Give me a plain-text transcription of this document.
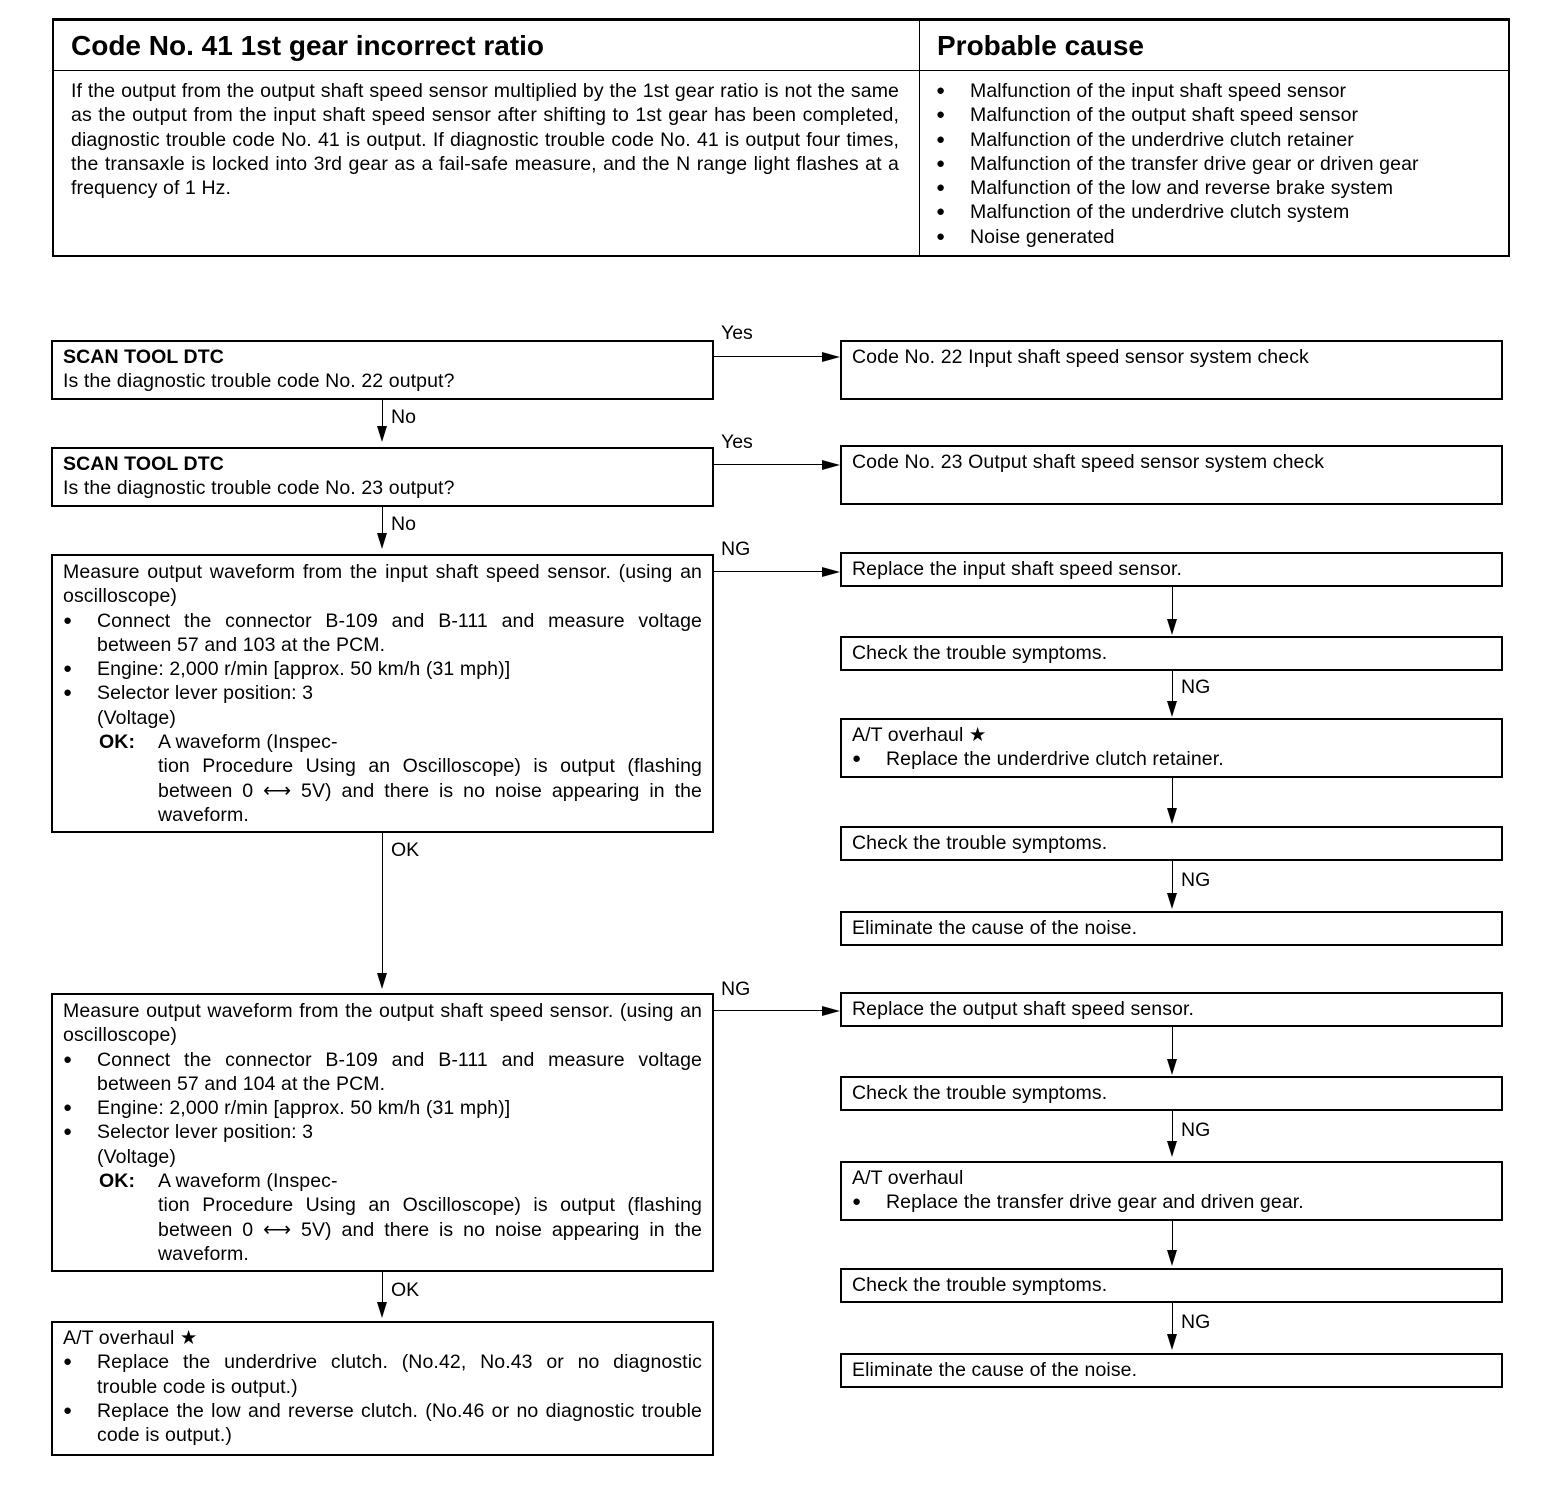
Code No. 41 1st gear incorrect ratio	Probable cause
If the output from the output shaft speed sensor multiplied by the 1st gear ratio is not the same as the output from the input shaft speed sensor after shifting to 1st gear has been completed, diagnostic trouble code No. 41 is output. If diagnostic trouble code No. 41 is output four times, the transaxle is locked into 3rd gear as a fail-safe measure, and the N range light flashes at a frequency of 1 Hz.
● Malfunction of the input shaft speed sensor
● Malfunction of the output shaft speed sensor
● Malfunction of the underdrive clutch retainer
● Malfunction of the transfer drive gear or driven gear
● Malfunction of the low and reverse brake system
● Malfunction of the underdrive clutch system
● Noise generated
SCAN TOOL DTC
Is the diagnostic trouble code No. 22 output?
Yes
Code No. 22 Input shaft speed sensor system check
No
SCAN TOOL DTC
Is the diagnostic trouble code No. 23 output?
Yes
Code No. 23 Output shaft speed sensor system check
No
Measure output waveform from the input shaft speed sensor. (using an oscilloscope)
● Connect the connector B-109 and B-111 and measure voltage between 57 and 103 at the PCM.
● Engine: 2,000 r/min [approx. 50 km/h (31 mph)]
● Selector lever position: 3
(Voltage)
OK: A waveform (Inspec-
tion Procedure Using an Oscilloscope) is output (flashing between 0 ⟷ 5V) and there is no noise appearing in the waveform.
NG
OK
Replace the input shaft speed sensor.
Check the trouble symptoms.
NG
A/T overhaul ★
● Replace the underdrive clutch retainer.
Check the trouble symptoms.
NG
Eliminate the cause of the noise.
Measure output waveform from the output shaft speed sensor. (using an oscilloscope)
● Connect the connector B-109 and B-111 and measure voltage between 57 and 104 at the PCM.
● Engine: 2,000 r/min [approx. 50 km/h (31 mph)]
● Selector lever position: 3
(Voltage)
OK: A waveform (Inspec-
tion Procedure Using an Oscilloscope) is output (flashing between 0 ⟷ 5V) and there is no noise appearing in the waveform.
NG
OK
A/T overhaul ★
● Replace the underdrive clutch. (No.42, No.43 or no diagnostic trouble code is output.)
● Replace the low and reverse clutch. (No.46 or no diagnostic trouble code is output.)
Replace the output shaft speed sensor.
Check the trouble symptoms.
NG
A/T overhaul
● Replace the transfer drive gear and driven gear.
Check the trouble symptoms.
NG
Eliminate the cause of the noise.
